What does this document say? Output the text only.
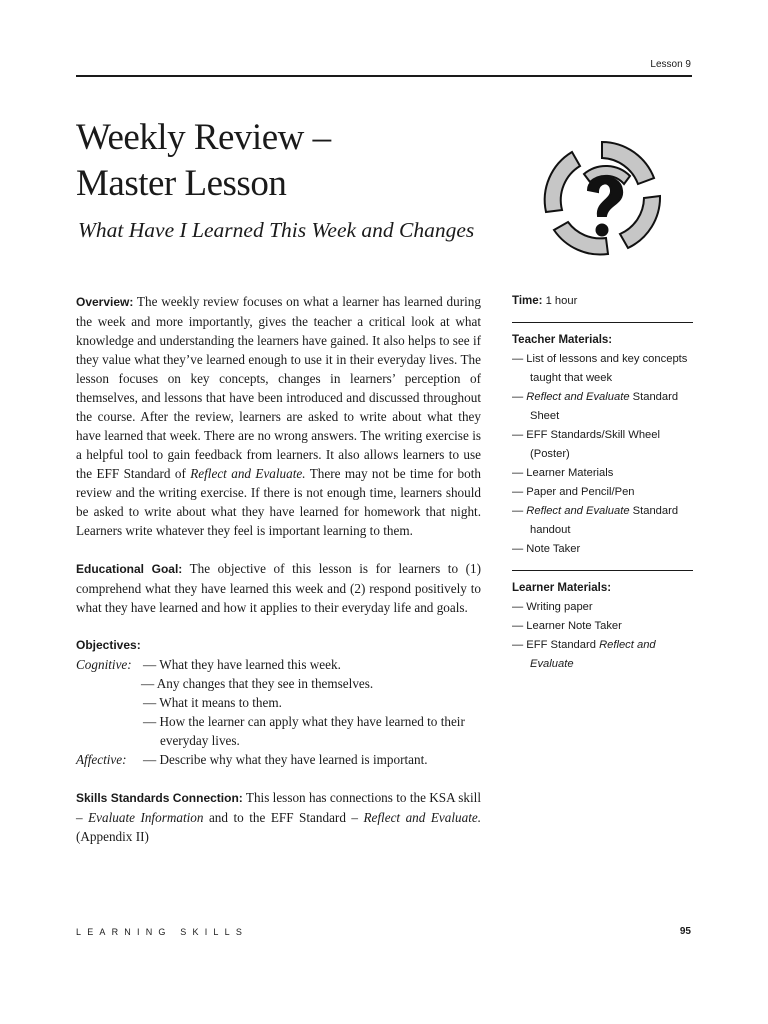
Lesson 9
Weekly Review –
Master Lesson
What Have I Learned This Week and Changes

Overview: The weekly review focuses on what a learner has learned during the week and more importantly, gives the teacher a critical look at what knowledge and understanding the learners have gained. It also helps to see if they value what they’ve learned enough to use it in their everyday lives. The lesson focuses on key concepts, changes in learners’ perception of themselves, and lessons that have been introduced and discussed throughout the course. After the review, learners are asked to write about what they have learned that week. There are no wrong answers. The writing exercise is a helpful tool to gain feedback from learners. It also allows learners to use the EFF Standard of Reflect and Evaluate. There may not be time for both review and the writing exercise. If there is not enough time, learners should be asked to write about what they have learned for homework that night. Learners write whatever they feel is important learning to them.

Educational Goal: The objective of this lesson is for learners to (1) comprehend what they have learned this week and (2) respond positively to what they have learned and how it applies to their everyday life and goals.

Objectives:
Cognitive: — What they have learned this week.
— Any changes that they see in themselves.
— What it means to them.
— How the learner can apply what they have learned to their everyday lives.
Affective: — Describe why what they have learned is important.

Skills Standards Connection: This lesson has connections to the KSA skill – Evaluate Information and to the EFF Standard – Reflect and Evaluate. (Appendix II)

Time: 1 hour

Teacher Materials:
— List of lessons and key concepts taught that week
— Reflect and Evaluate Standard Sheet
— EFF Standards/Skill Wheel (Poster)
— Learner Materials
— Paper and Pencil/Pen
— Reflect and Evaluate Standard handout
— Note Taker
Learner Materials:
— Writing paper
— Learner Note Taker
— EFF Standard Reflect and Evaluate
LEARNING SKILLS	95
